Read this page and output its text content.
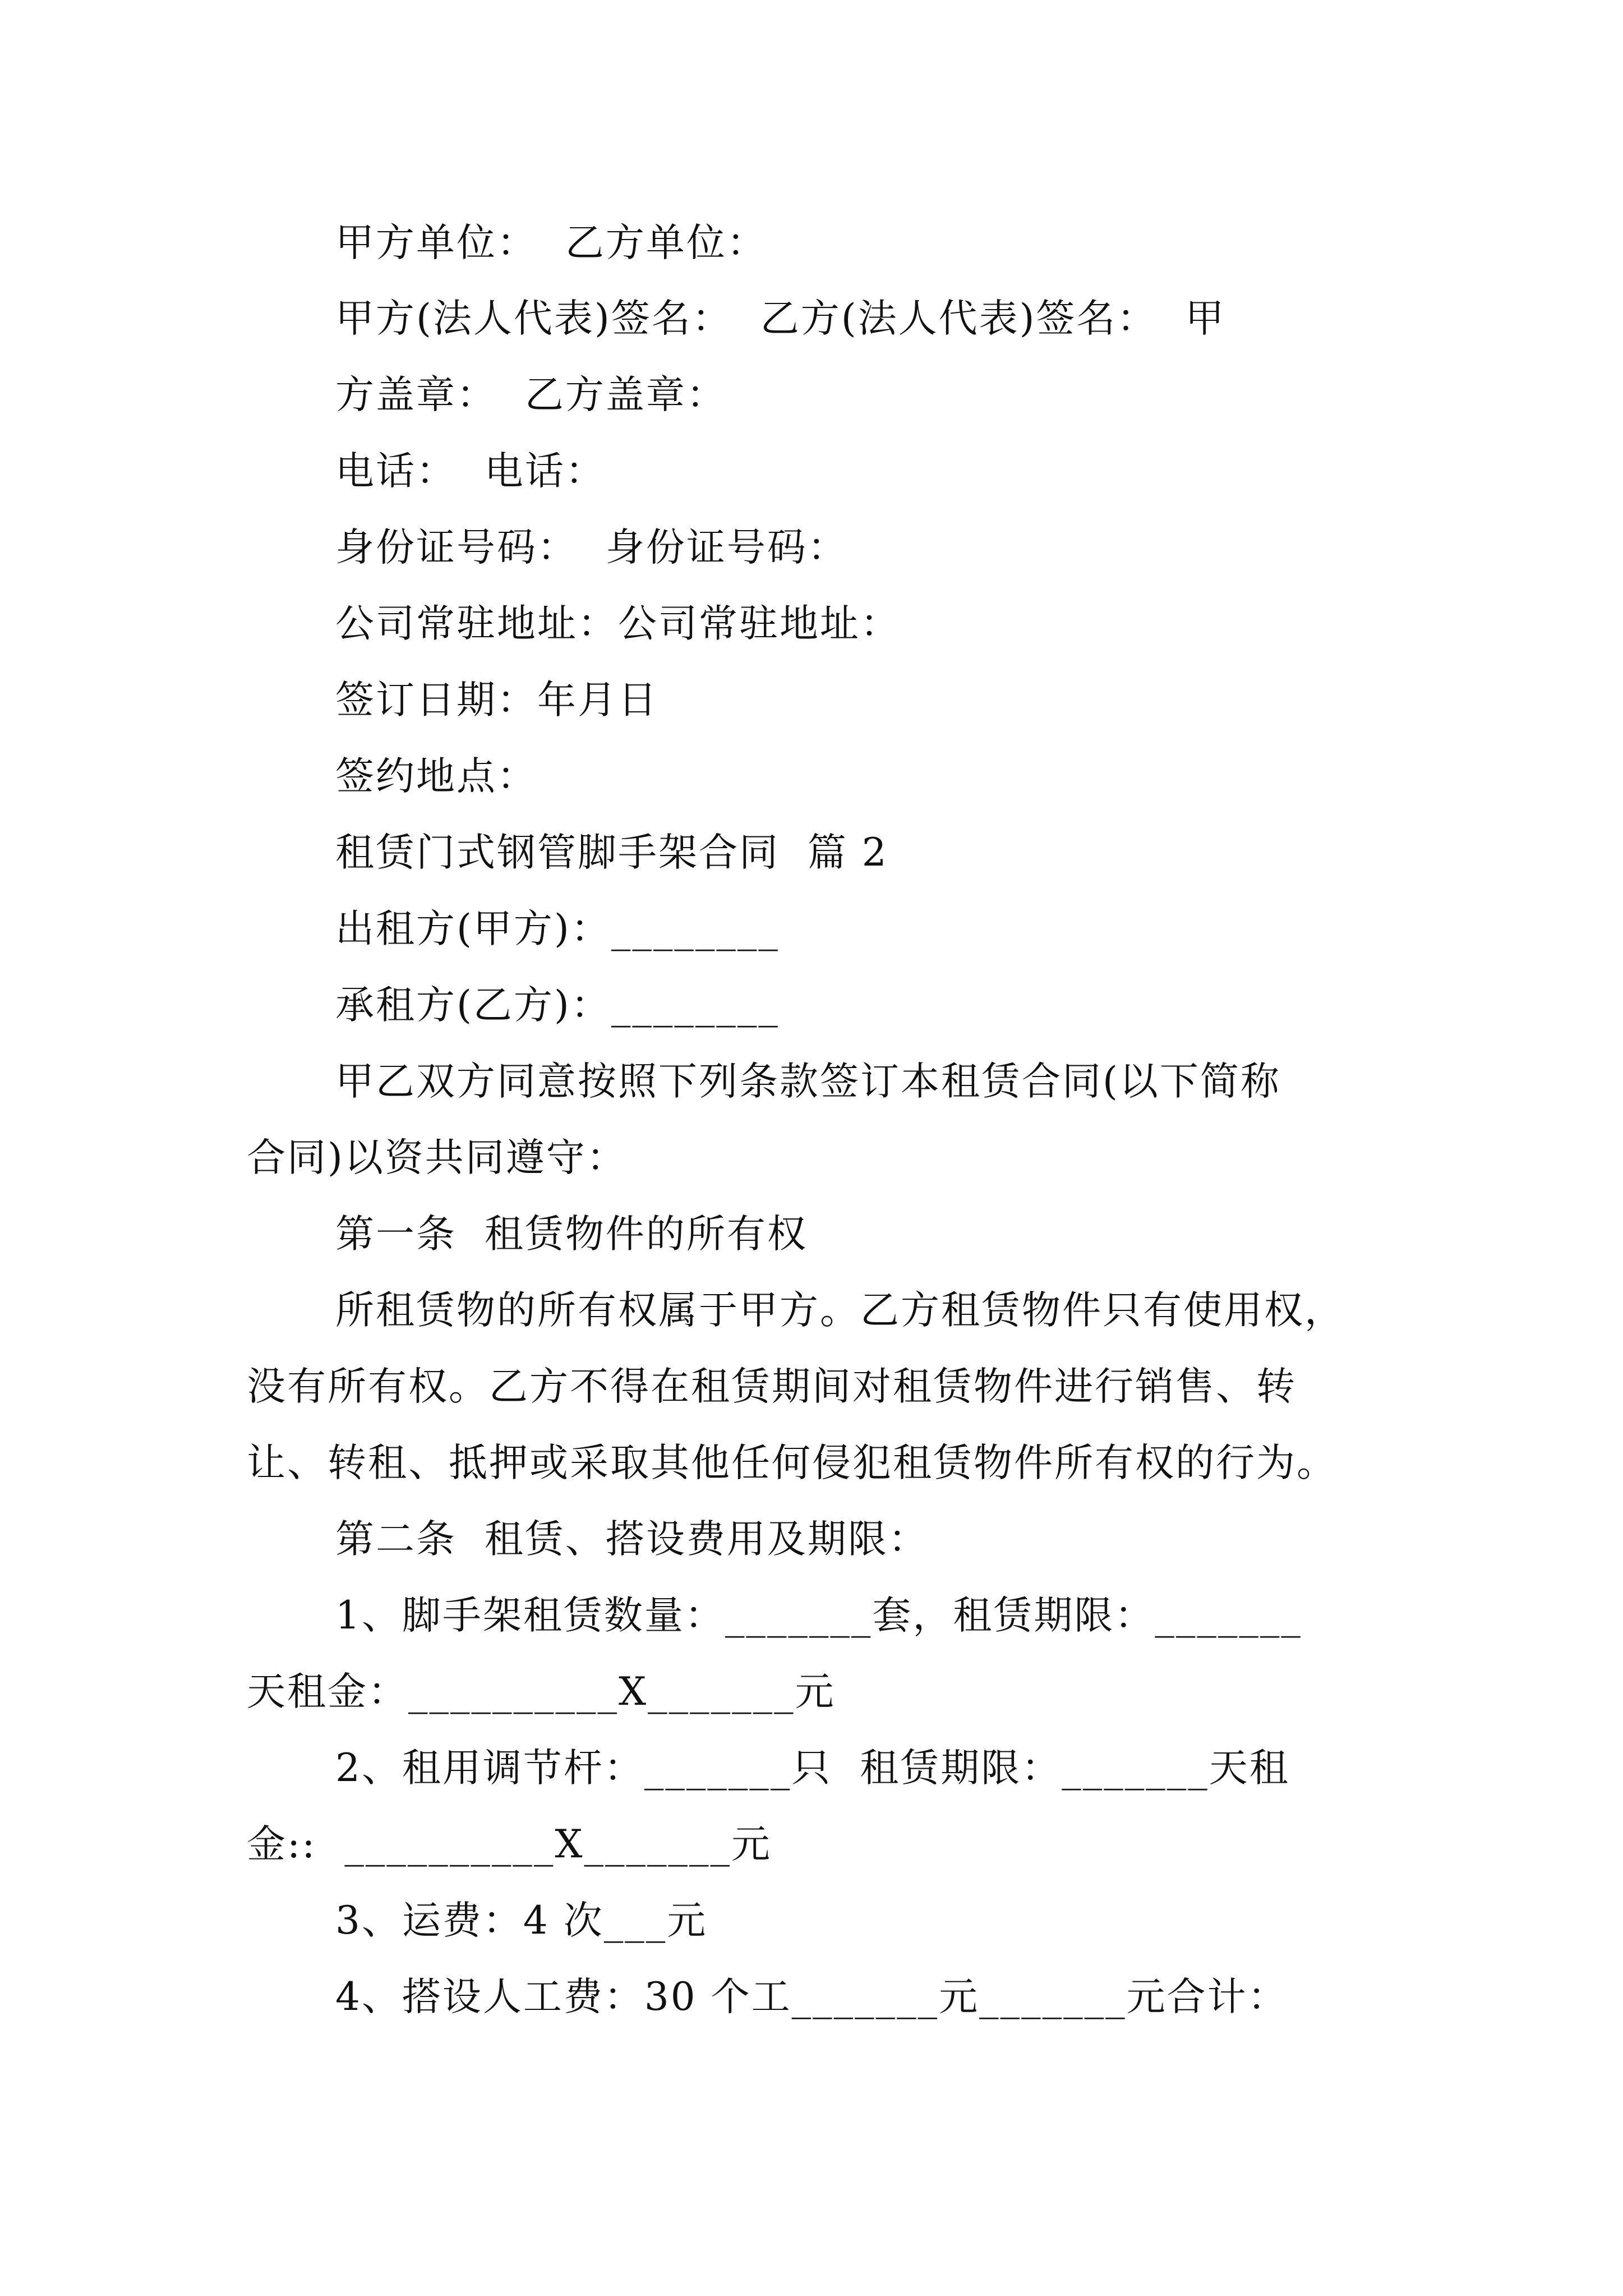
甲方单位：  乙方单位：
甲方(法人代表)签名：  乙方(法人代表)签名：  甲
方盖章：  乙方盖章：
电话：  电话：
身份证号码：  身份证号码：
公司常驻地址：公司常驻地址：
签订日期：年月日
签约地点：
租赁门式钢管脚手架合同  篇 2
出租方(甲方)：________
承租方(乙方)：________
甲乙双方同意按照下列条款签订本租赁合同(以下简称
合同)以资共同遵守：
第一条  租赁物件的所有权
所租赁物的所有权属于甲方。乙方租赁物件只有使用权，
没有所有权。乙方不得在租赁期间对租赁物件进行销售、转
让、转租、抵押或采取其他任何侵犯租赁物件所有权的行为。
第二条  租赁、搭设费用及期限：
1、脚手架租赁数量：_______套，租赁期限：_______
天租金：__________X_______元
2、租用调节杆：_______只  租赁期限：_______天租
金::  __________X_______元
3、运费：4 次___元
4、搭设人工费：30 个工_______元_______元合计：
